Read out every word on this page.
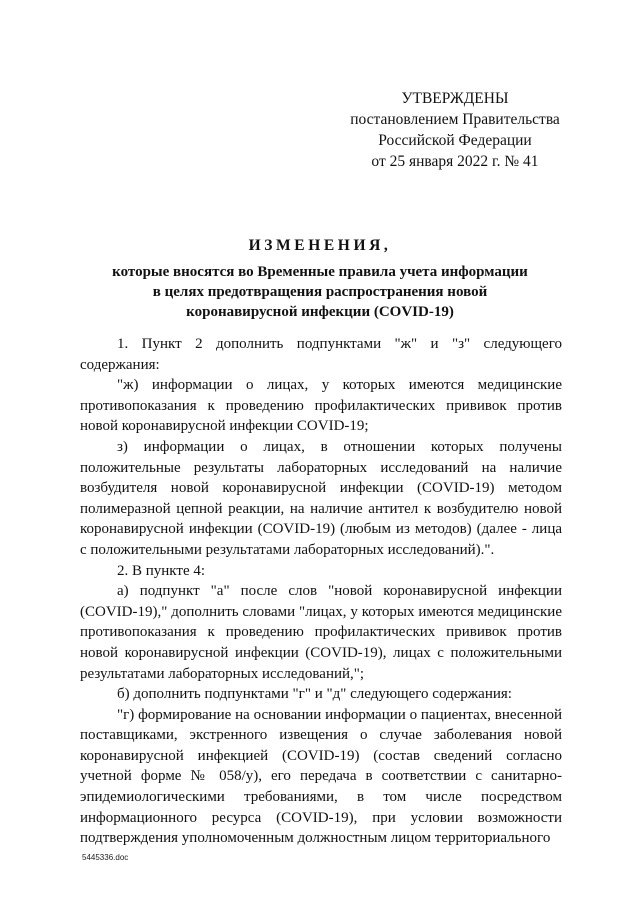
УТВЕРЖДЕНЫ
постановлением Правительства
Российской Федерации
от 25 января 2022 г. № 41
ИЗМЕНЕНИЯ,
которые вносятся во Временные правила учета информации
в целях предотвращения распространения новой
коронавирусной инфекции (COVID-19)

1. Пункт 2 дополнить подпунктами "ж" и "з" следующего содержания:

"ж) информации о лицах, у которых имеются медицинские противопоказания к проведению профилактических прививок против новой коронавирусной инфекции COVID-19;

з) информации о лицах, в отношении которых получены положительные результаты лабораторных исследований на наличие возбудителя новой коронавирусной инфекции (COVID-19) методом полимеразной цепной реакции, на наличие антител к возбудителю новой коронавирусной инфекции (COVID-19) (любым из методов) (далее - лица с положительными результатами лабораторных исследований).".

2. В пункте 4:

а) подпункт "а" после слов "новой коронавирусной инфекции (COVID-19)," дополнить словами "лицах, у которых имеются медицинские противопоказания к проведению профилактических прививок против новой коронавирусной инфекции (COVID-19), лицах с положительными результатами лабораторных исследований,";

б) дополнить подпунктами "г" и "д" следующего содержания:

"г) формирование на основании информации о пациентах, внесенной поставщиками, экстренного извещения о случае заболевания новой коронавирусной инфекцией (COVID-19) (состав сведений согласно учетной форме № 058/у), его передача в соответствии с санитарно-эпидемиологическими требованиями, в том числе посредством информационного ресурса (COVID-19), при условии возможности подтверждения уполномоченным должностным лицом территориального

5445336.doc
